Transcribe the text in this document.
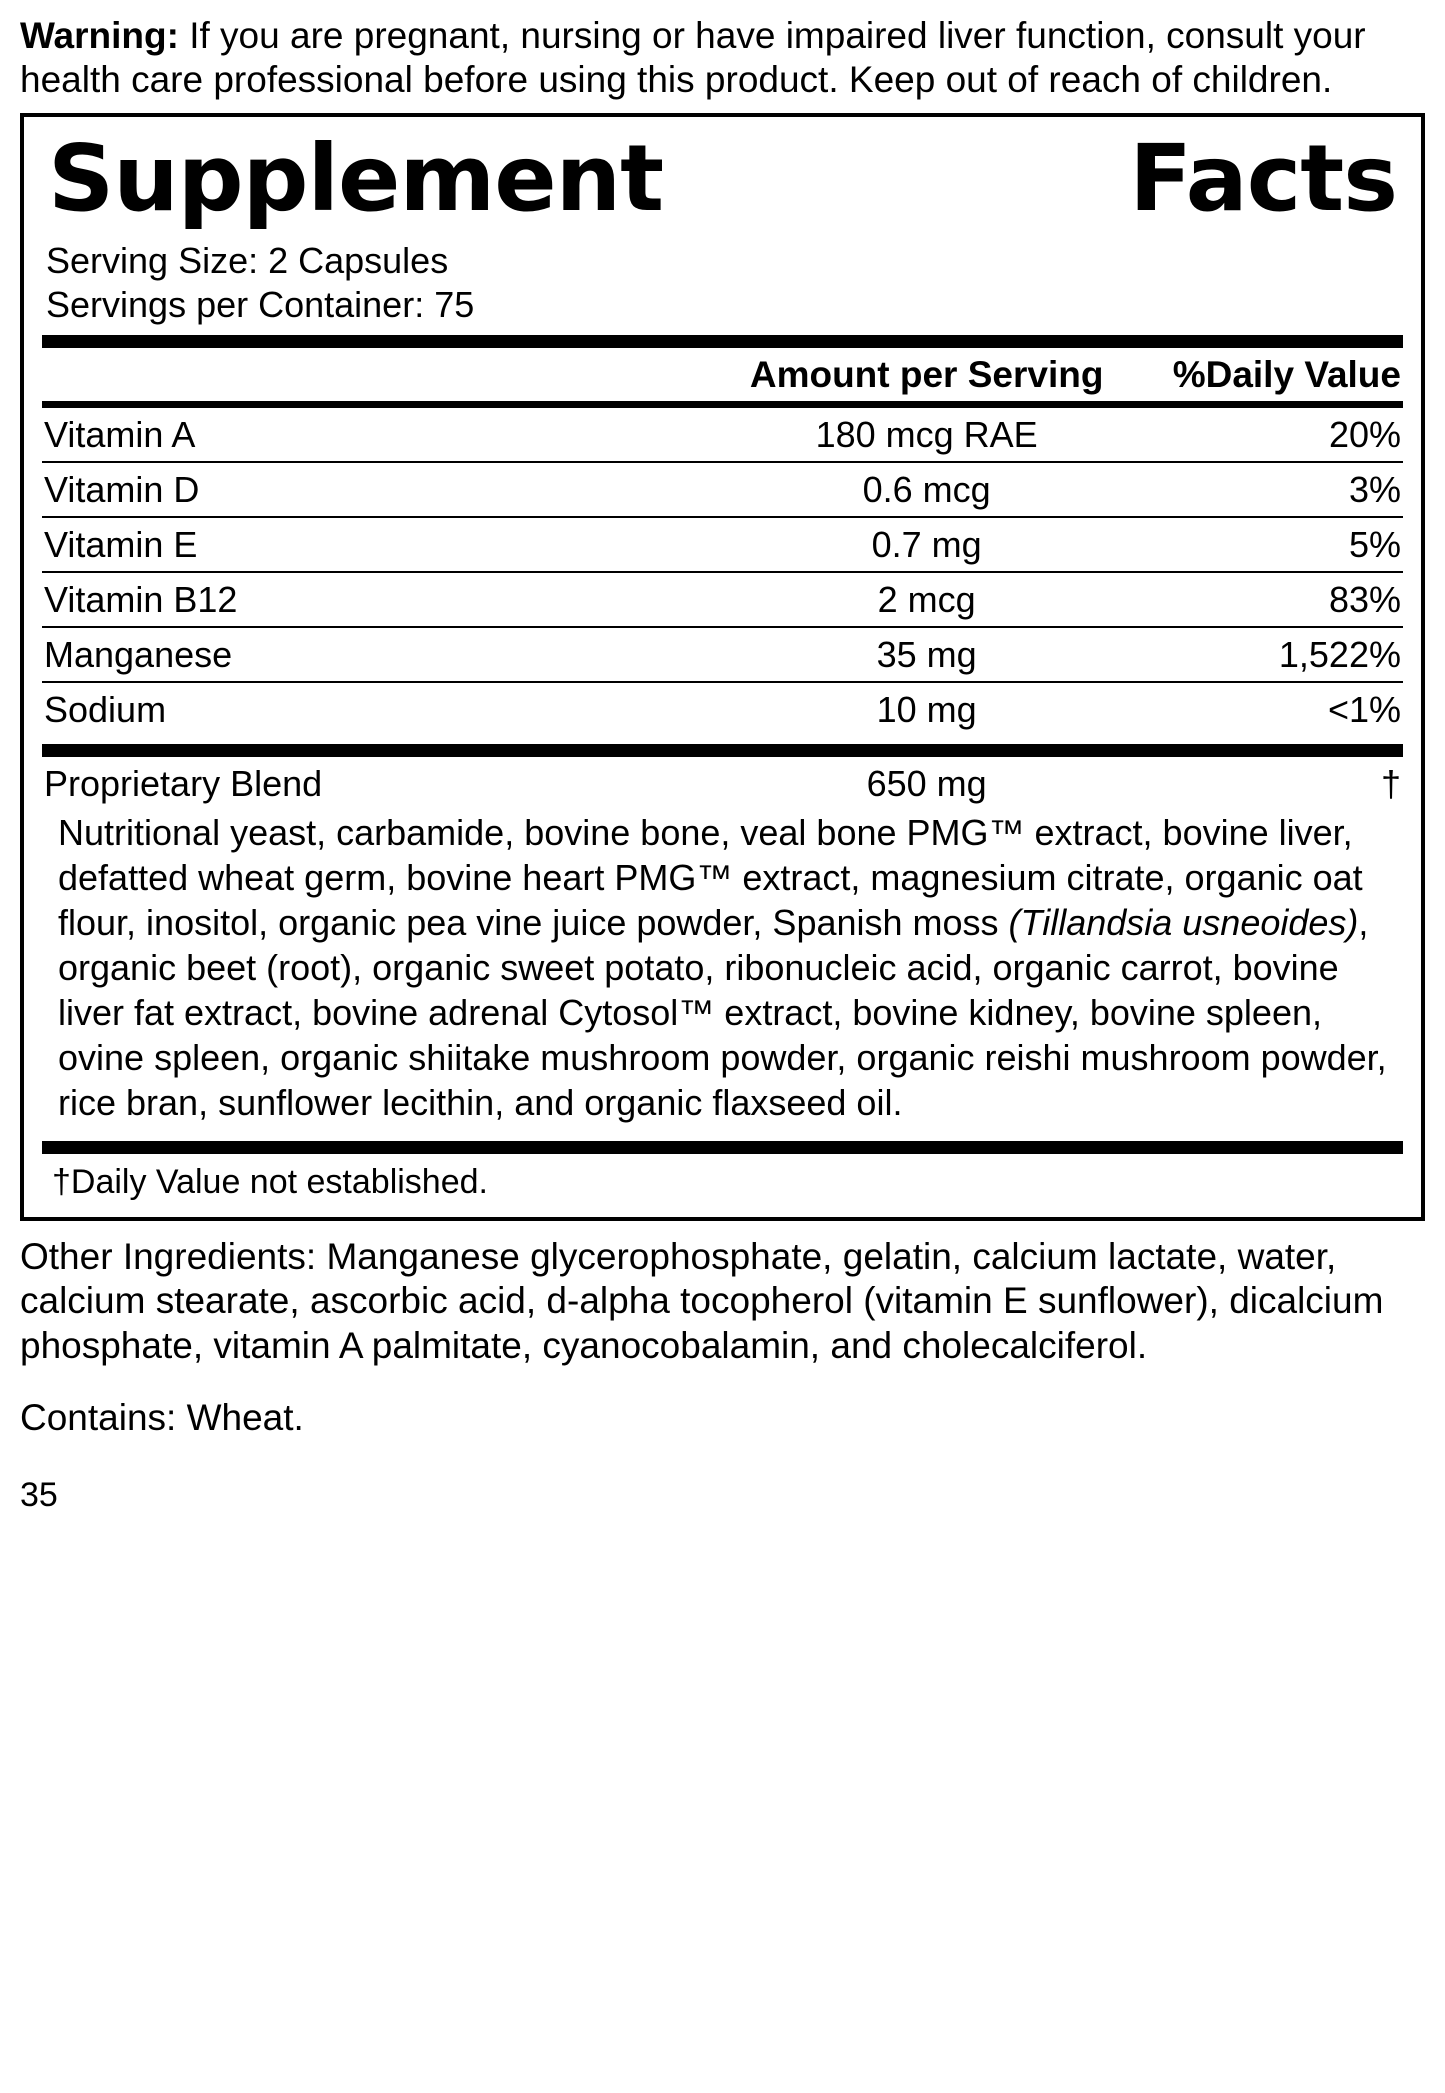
Warning: If you are pregnant, nursing or have impaired liver function, consult your health care professional before using this product. Keep out of reach of children.

Supplement	Facts
Serving Size: 2 Capsules
Servings per Container: 75
	Amount per Serving	%Daily Value
Vitamin A	180 mcg RAE	20%
Vitamin D	0.6 mcg	3%
Vitamin E	0.7 mg	5%
Vitamin B12	2 mcg	83%
Manganese	35 mg	1,522%
Sodium	10 mg	<1%
Proprietary Blend	650 mg	†
Nutritional yeast, carbamide, bovine bone, veal bone PMG™ extract, bovine liver, defatted wheat germ, bovine heart PMG™ extract, magnesium citrate, organic oat flour, inositol, organic pea vine juice powder, Spanish moss (Tillandsia usneoides), organic beet (root), organic sweet potato, ribonucleic acid, organic carrot, bovine liver fat extract, bovine adrenal Cytosol™ extract, bovine kidney, bovine spleen, ovine spleen, organic shiitake mushroom powder, organic reishi mushroom powder, rice bran, sunflower lecithin, and organic flaxseed oil.
†Daily Value not established.

Other Ingredients: Manganese glycerophosphate, gelatin, calcium lactate, water, calcium stearate, ascorbic acid, d-alpha tocopherol (vitamin E sunflower), dicalcium phosphate, vitamin A palmitate, cyanocobalamin, and cholecalciferol.

Contains: Wheat.

35
